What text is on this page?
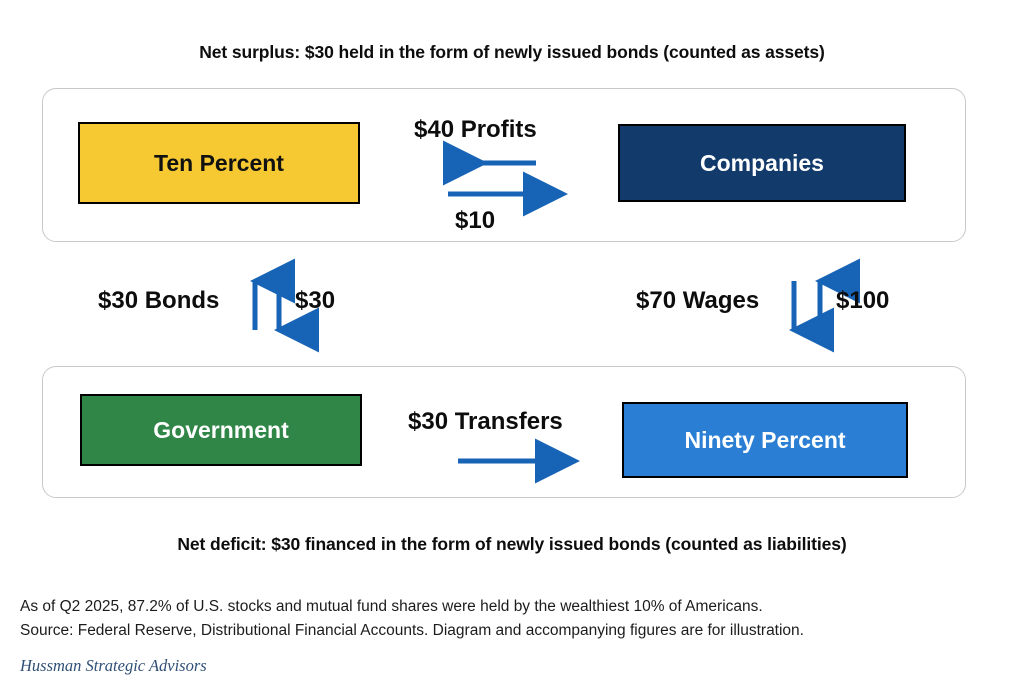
Net surplus: $30 held in the form of newly issued bonds (counted as assets)
Ten Percent	Companies
Government	Ninety Percent
$40 Profits
$10
$30 Bonds	$30	$70 Wages	$100
$30 Transfers
Net deficit: $30 financed in the form of newly issued bonds (counted as liabilities)
As of Q2 2025, 87.2% of U.S. stocks and mutual fund shares were held by the wealthiest 10% of Americans.
Source: Federal Reserve, Distributional Financial Accounts. Diagram and accompanying figures are for illustration.
Hussman Strategic Advisors
